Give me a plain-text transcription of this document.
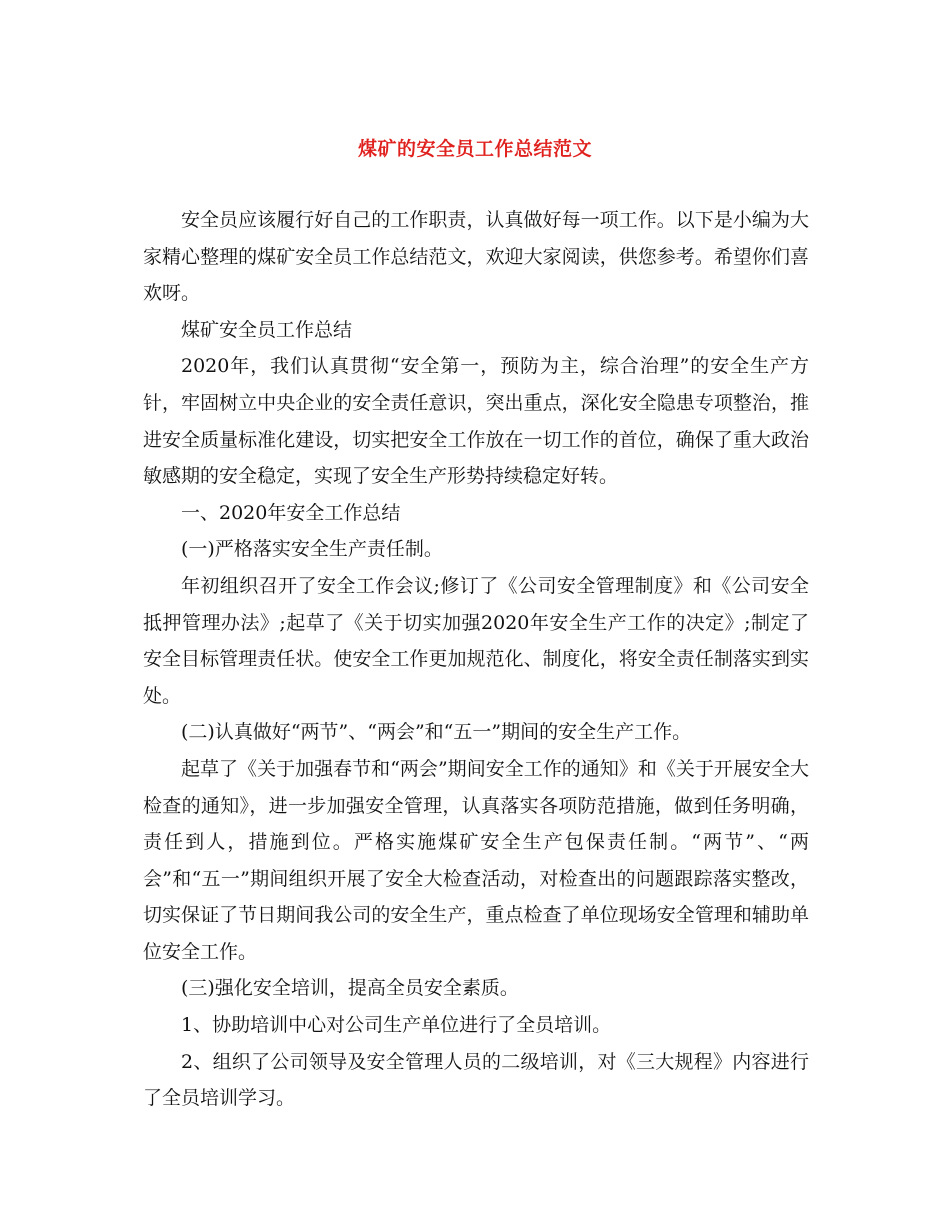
煤矿的安全员工作总结范文

安全员应该履行好自己的工作职责，认真做好每一项工作。以下是小编为大家精心整理的煤矿安全员工作总结范文，欢迎大家阅读，供您参考。希望你们喜欢呀。

煤矿安全员工作总结

2020年，我们认真贯彻“安全第一，预防为主，综合治理”的安全生产方针，牢固树立中央企业的安全责任意识，突出重点，深化安全隐患专项整治，推进安全质量标准化建设，切实把安全工作放在一切工作的首位，确保了重大政治敏感期的安全稳定，实现了安全生产形势持续稳定好转。

一、2020年安全工作总结

(一)严格落实安全生产责任制。

年初组织召开了安全工作会议;修订了《公司安全管理制度》和《公司安全抵押管理办法》;起草了《关于切实加强2020年安全生产工作的决定》;制定了安全目标管理责任状。使安全工作更加规范化、制度化，将安全责任制落实到实处。

(二)认真做好“两节”、“两会”和“五一”期间的安全生产工作。

起草了《关于加强春节和“两会”期间安全工作的通知》和《关于开展安全大检查的通知》，进一步加强安全管理，认真落实各项防范措施，做到任务明确，责任到人，措施到位。严格实施煤矿安全生产包保责任制。“两节”、“两会”和“五一”期间组织开展了安全大检查活动，对检查出的问题跟踪落实整改，切实保证了节日期间我公司的安全生产，重点检查了单位现场安全管理和辅助单位安全工作。

(三)强化安全培训，提高全员安全素质。

1、协助培训中心对公司生产单位进行了全员培训。

2、组织了公司领导及安全管理人员的二级培训，对《三大规程》内容进行了全员培训学习。
